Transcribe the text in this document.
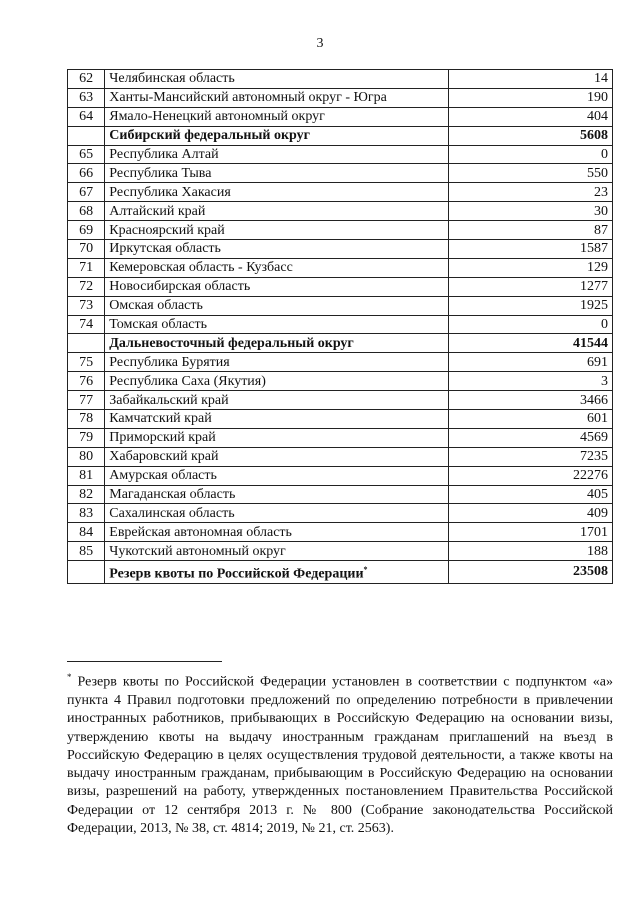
3
62	Челябинская область	14
63	Ханты-Мансийский автономный округ - Югра	190
64	Ямало-Ненецкий автономный округ	404
	Сибирский федеральный округ	5608
65	Республика Алтай	0
66	Республика Тыва	550
67	Республика Хакасия	23
68	Алтайский край	30
69	Красноярский край	87
70	Иркутская область	1587
71	Кемеровская область - Кузбасс	129
72	Новосибирская область	1277
73	Омская область	1925
74	Томская область	0
	Дальневосточный федеральный округ	41544
75	Республика Бурятия	691
76	Республика Саха (Якутия)	3
77	Забайкальский край	3466
78	Камчатский край	601
79	Приморский край	4569
80	Хабаровский край	7235
81	Амурская область	22276
82	Магаданская область	405
83	Сахалинская область	409
84	Еврейская автономная область	1701
85	Чукотский автономный округ	188
	Резерв квоты по Российской Федерации*	23508
* Резерв квоты по Российской Федерации установлен в соответствии с подпунктом «а» пункта 4 Правил подготовки предложений по определению потребности в привлечении иностранных работников, прибывающих в Российскую Федерацию на основании визы, утверждению квоты на выдачу иностранным гражданам приглашений на въезд в Российскую Федерацию в целях осуществления трудовой деятельности, а также квоты на выдачу иностранным гражданам, прибывающим в Российскую Федерацию на основании визы, разрешений на работу, утвержденных постановлением Правительства Российской Федерации от 12 сентября 2013 г. № 800 (Собрание законодательства Российской Федерации, 2013, № 38, ст. 4814; 2019, № 21, ст. 2563).
